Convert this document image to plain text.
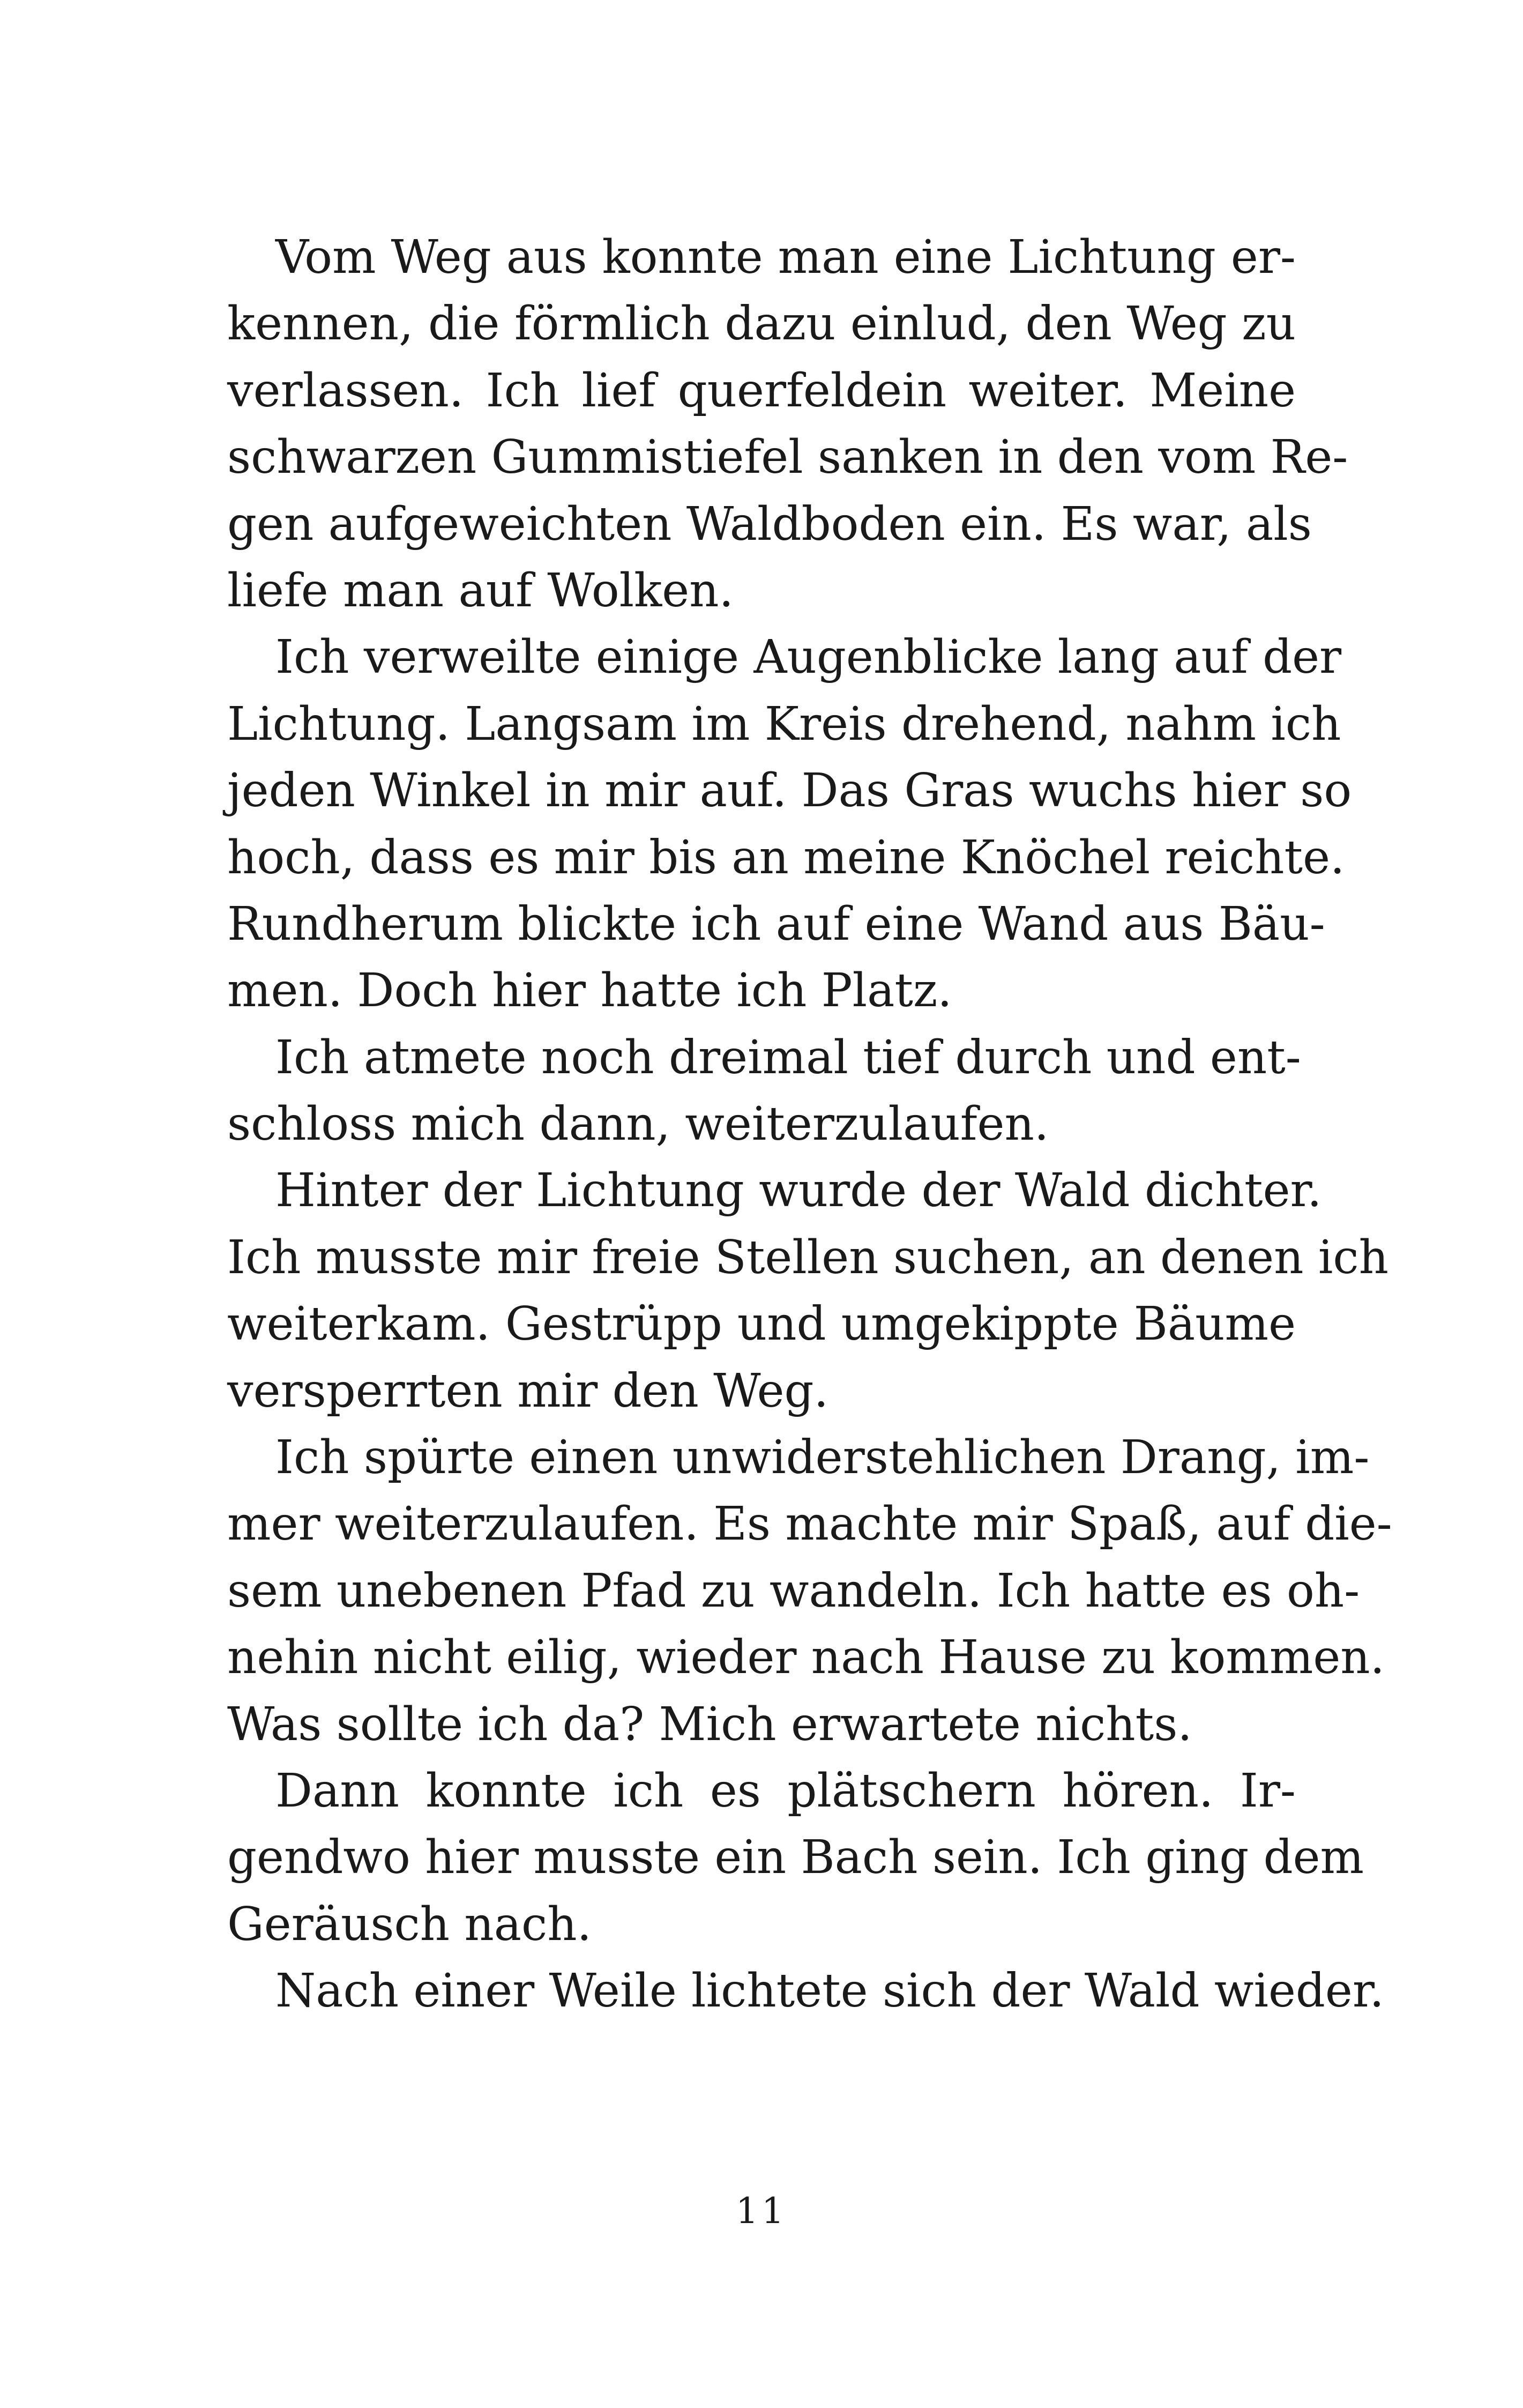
Vom Weg aus konnte man eine Lichtung er-
kennen, die förmlich dazu einlud, den Weg zu
verlassen. Ich lief querfeldein weiter. Meine
schwarzen Gummistiefel sanken in den vom Re-
gen aufgeweichten Waldboden ein. Es war, als
liefe man auf Wolken.
Ich verweilte einige Augenblicke lang auf der
Lichtung. Langsam im Kreis drehend, nahm ich
jeden Winkel in mir auf. Das Gras wuchs hier so
hoch, dass es mir bis an meine Knöchel reichte.
Rundherum blickte ich auf eine Wand aus Bäu-
men. Doch hier hatte ich Platz.
Ich atmete noch dreimal tief durch und ent-
schloss mich dann, weiterzulaufen.
Hinter der Lichtung wurde der Wald dichter.
Ich musste mir freie Stellen suchen, an denen ich
weiterkam. Gestrüpp und umgekippte Bäume
versperrten mir den Weg.
Ich spürte einen unwiderstehlichen Drang, im-
mer weiterzulaufen. Es machte mir Spaß, auf die-
sem unebenen Pfad zu wandeln. Ich hatte es oh-
nehin nicht eilig, wieder nach Hause zu kommen.
Was sollte ich da? Mich erwartete nichts.
Dann konnte ich es plätschern hören. Ir-
gendwo hier musste ein Bach sein. Ich ging dem
Geräusch nach.
Nach einer Weile lichtete sich der Wald wieder.
11
